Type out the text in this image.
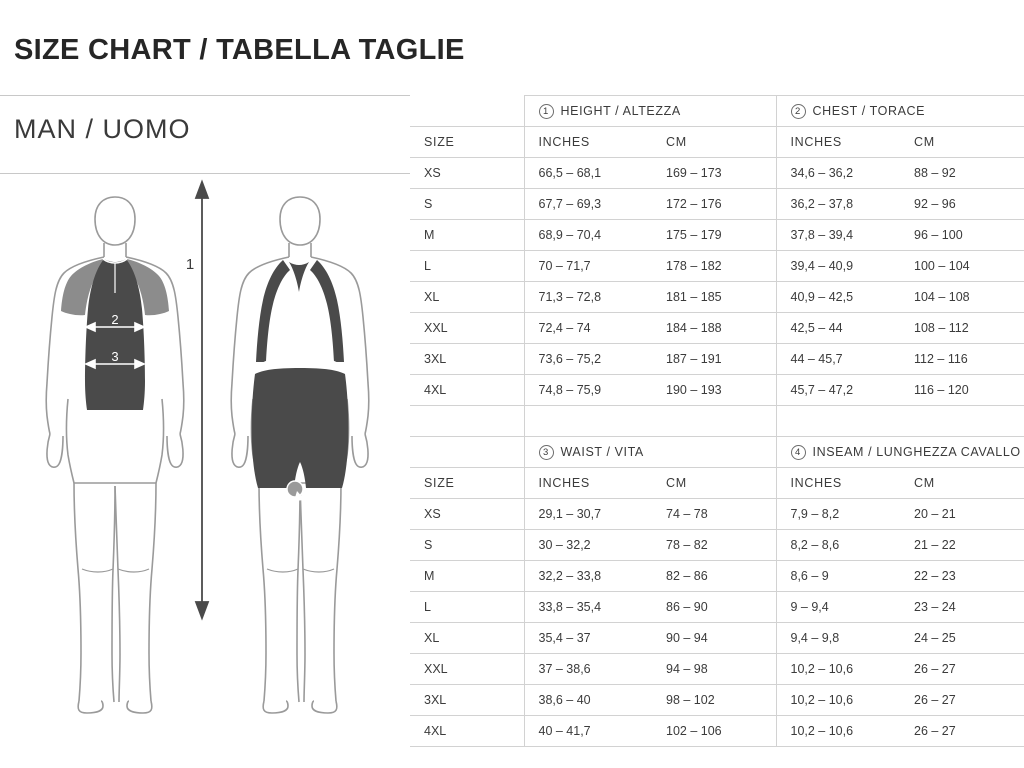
SIZE CHART / TABELLA TAGLIE
MAN / UOMO
2
3
1
4
3
	1 HEIGHT / ALTEZZA		2 CHEST / TORACE	
SIZE	INCHES	CM	INCHES	CM
XS	66,5 – 68,1	169 – 173	34,6 – 36,2	88 – 92
S	67,7 – 69,3	172 – 176	36,2 – 37,8	92 – 96
M	68,9 – 70,4	175 – 179	37,8 – 39,4	96 – 100
L	70 – 71,7	178 – 182	39,4 – 40,9	100 – 104
XL	71,3 – 72,8	181 – 185	40,9 – 42,5	104 – 108
XXL	72,4 – 74	184 – 188	42,5 – 44	108 – 112
3XL	73,6 – 75,2	187 – 191	44 – 45,7	112 – 116
4XL	74,8 – 75,9	190 – 193	45,7 – 47,2	116 – 120

	3 WAIST / VITA		4 INSEAM / LUNGHEZZA CAVALLO	
SIZE	INCHES	CM	INCHES	CM
XS	29,1 – 30,7	74 – 78	7,9 – 8,2	20 – 21
S	30 – 32,2	78 – 82	8,2 – 8,6	21 – 22
M	32,2 – 33,8	82 – 86	8,6 – 9	22 – 23
L	33,8 – 35,4	86 – 90	9 – 9,4	23 – 24
XL	35,4 – 37	90 – 94	9,4 – 9,8	24 – 25
XXL	37 – 38,6	94 – 98	10,2 – 10,6	26 – 27
3XL	38,6 – 40	98 – 102	10,2 – 10,6	26 – 27
4XL	40 – 41,7	102 – 106	10,2 – 10,6	26 – 27
